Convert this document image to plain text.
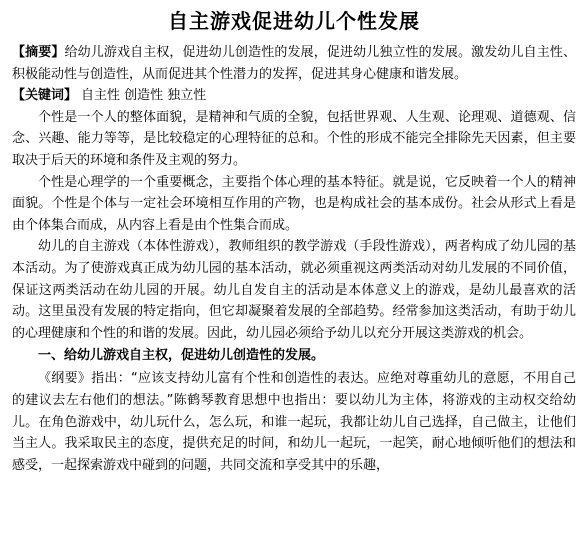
自主游戏促进幼儿个性发展

【摘要】给幼儿游戏自主权，促进幼儿创造性的发展，促进幼儿独立性的发展。激发幼儿自主性、积极能动性与创造性，从而促进其个性潜力的发挥，促进其身心健康和谐发展。

【关键词】 自主性 创造性 独立性

个性是一个人的整体面貌，是精神和气质的全貌，包括世界观、人生观、论理观、道德观、信念、兴趣、能力等等，是比较稳定的心理特征的总和。个性的形成不能完全排除先天因素，但主要取决于后天的环境和条件及主观的努力。

个性是心理学的一个重要概念，主要指个体心理的基本特征。就是说，它反映着一个人的精神面貌。个性是个体与一定社会环境相互作用的产物，也是构成社会的基本成份。社会从形式上看是由个体集合而成，从内容上看是由个性集合而成。

幼儿的自主游戏（本体性游戏），教师组织的教学游戏（手段性游戏），两者构成了幼儿园的基本活动。为了使游戏真正成为幼儿园的基本活动，就必须重视这两类活动对幼儿发展的不同价值，保证这两类活动在幼儿园的开展。幼儿自发自主的活动是本体意义上的游戏，是幼儿最喜欢的活动。这里虽没有发展的特定指向，但它却凝聚着发展的全部趋势。经常参加这类活动，有助于幼儿的心理健康和个性的和谐的发展。因此，幼儿园必须给予幼儿以充分开展这类游戏的机会。

一、给幼儿游戏自主权，促进幼儿创造性的发展。

《纲要》指出：“应该支持幼儿富有个性和创造性的表达。应绝对尊重幼儿的意愿，不用自己的建议去左右他们的想法。”陈鹤琴教育思想中也指出：要以幼儿为主体，将游戏的主动权交给幼儿。在角色游戏中，幼儿玩什么，怎么玩，和谁一起玩，我都让幼儿自己选择，自己做主，让他们当主人。我采取民主的态度，提供充足的时间，和幼儿一起玩，一起笑，耐心地倾听他们的想法和感受，一起探索游戏中碰到的问题，共同交流和享受其中的乐趣，
